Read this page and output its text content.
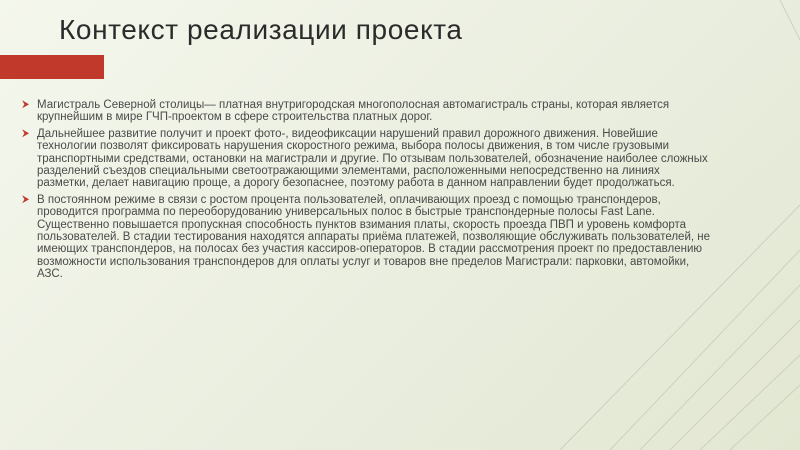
Контекст реализации проекта
⮞ Магистраль Северной столицы— платная внутригородская многополосная автомагистраль страны, которая является крупнейшим в мире ГЧП-проектом в сфере строительства платных дорог.
⮞ Дальнейшее развитие получит и проект фото-, видеофиксации нарушений правил дорожного движения. Новейшие технологии позволят фиксировать нарушения скоростного режима, выбора полосы движения, в том числе грузовыми транспортными средствами, остановки на магистрали и другие. По отзывам пользователей, обозначение наиболее сложных разделений съездов специальными светоотражающими элементами, расположенными непосредственно на линиях разметки, делает навигацию проще, а дорогу безопаснее, поэтому работа в данном направлении будет продолжаться.
⮞ В постоянном режиме в связи с ростом процента пользователей, оплачивающих проезд с помощью транспондеров, проводится программа по переоборудованию универсальных полос в быстрые транспондерные полосы Fast Lane. Существенно повышается пропускная способность пунктов взимания платы, скорость проезда ПВП и уровень комфорта пользователей. В стадии тестирования находятся аппараты приёма платежей, позволяющие обслуживать пользователей, не имеющих транспондеров, на полосах без участия кассиров-операторов. В стадии рассмотрения проект по предоставлению возможности использования транспондеров для оплаты услуг и товаров вне пределов Магистрали: парковки, автомойки, АЗС.
